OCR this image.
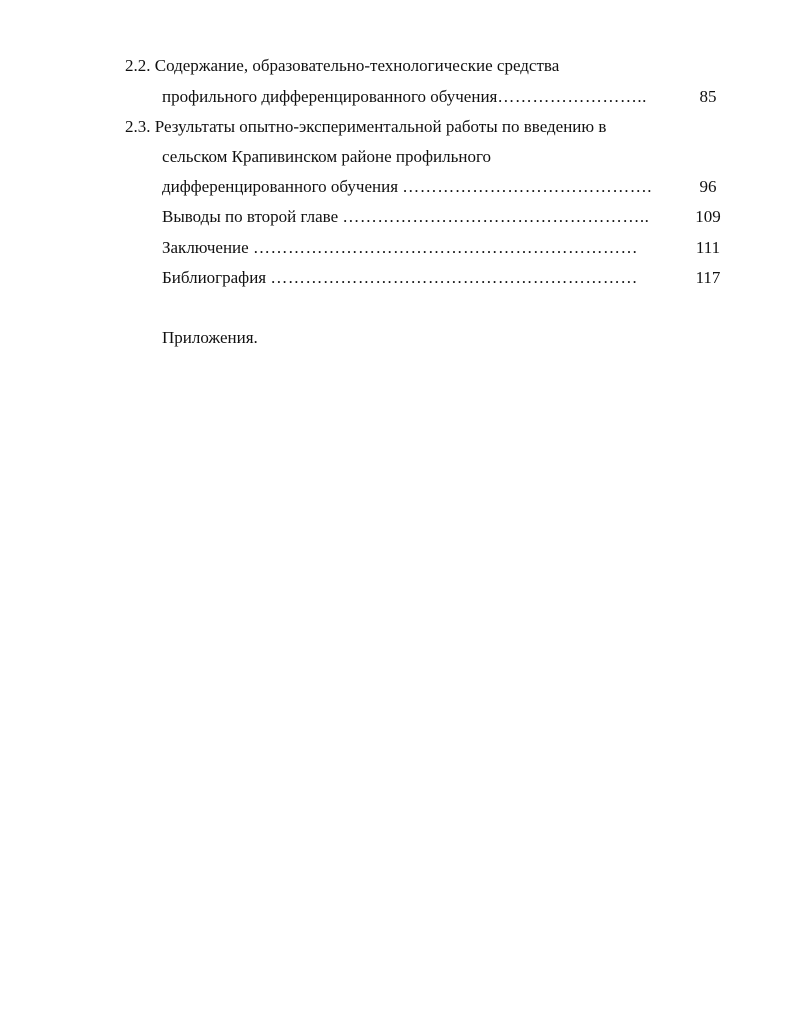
2.2. Содержание, образовательно-технологические средства
профильного дифференцированного обучения……………………..	85
2.3. Результаты опытно-экспериментальной работы по введению в
сельском Крапивинском районе профильного
дифференцированного обучения …………………………………….	96
Выводы по второй главе ……………………………………………..	109
Заключение …………………………………………………………	111
Библиография ………………………………………………………	117
Приложения.
